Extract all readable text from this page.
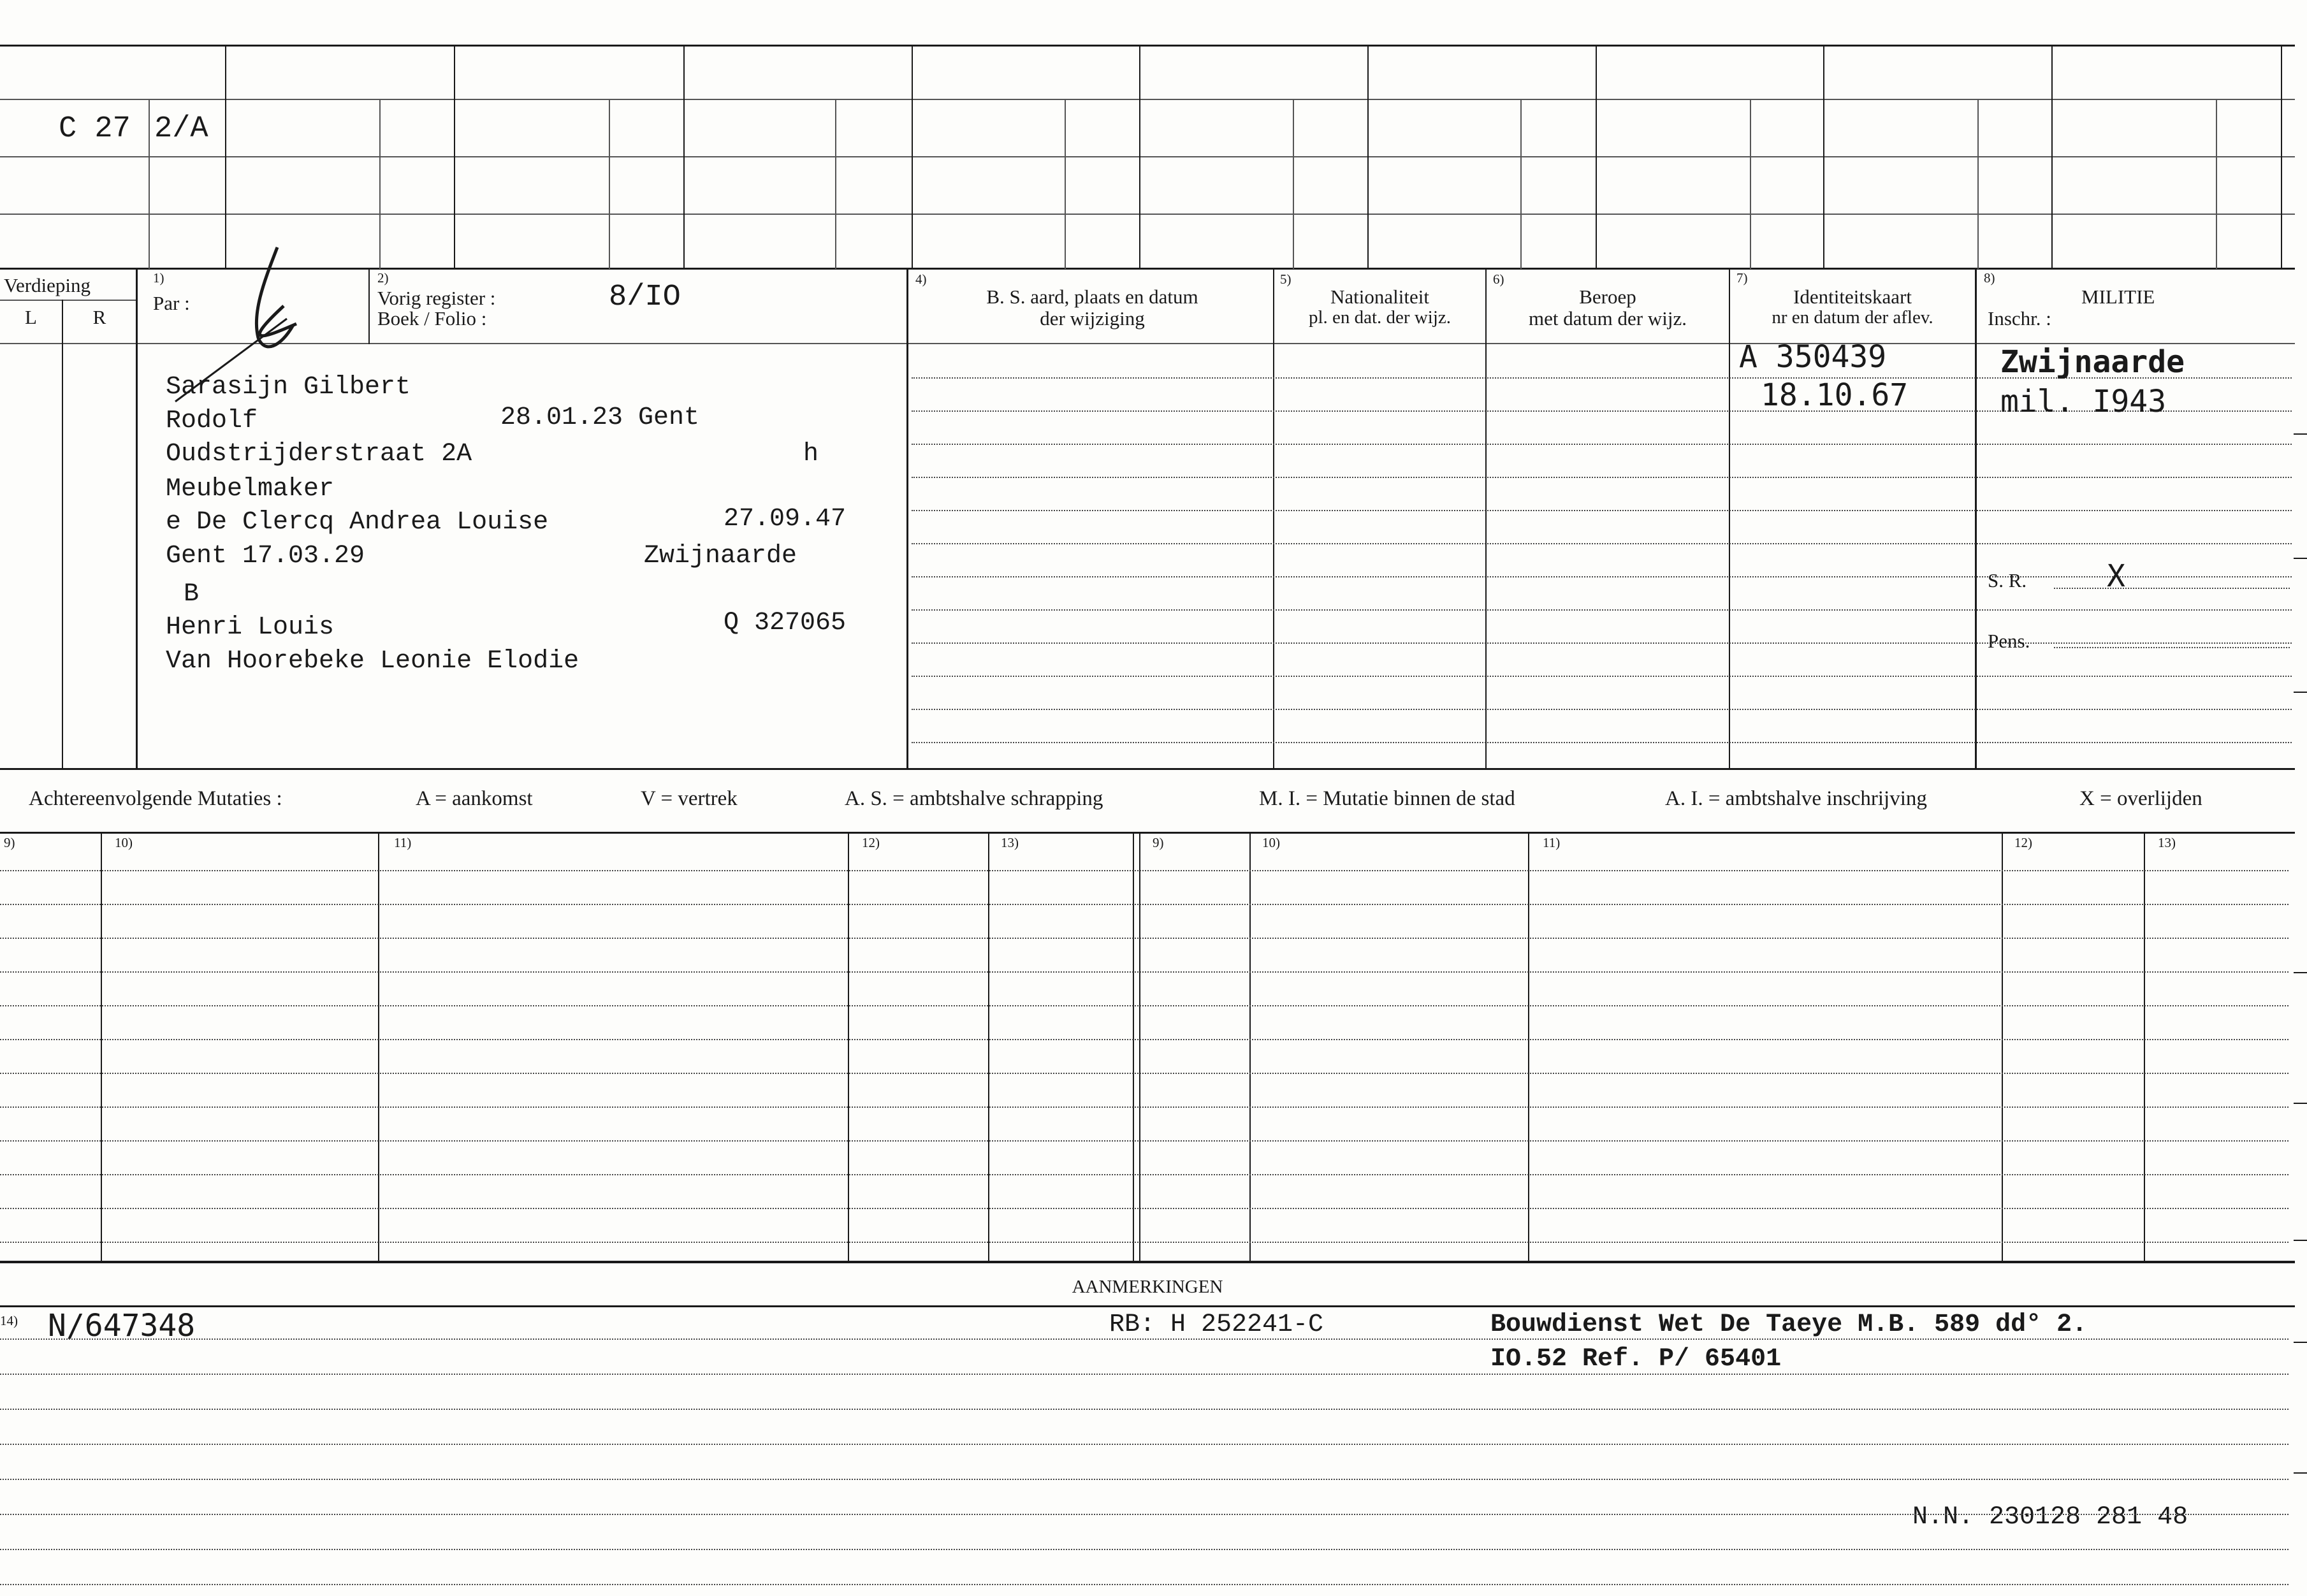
C 27 2/A
Verdieping
L	R
1)
Par :
2)
Vorig register :
Boek / Folio :
8/IO
4)
B. S. aard, plaats en datum
der wijziging
5)
Nationaliteit
pl. en dat. der wijz.
6)
Beroep
met datum der wijz.
7)
Identiteitskaart
nr en datum der aflev.
8)
MILITIE
Inschr. :
Sarasijn Gilbert
Rodolf	28.01.23 Gent
Oudstrijderstraat 2A	h
Meubelmaker
e De Clercq Andrea Louise	27.09.47
Gent 17.03.29	Zwijnaarde
B
Henri Louis	Q 327065
Van Hoorebeke Leonie Elodie
A 350439
18.10.67
Zwijnaarde
mil. I943
S. R.	X
Pens.
Achtereenvolgende Mutaties :	A = aankomst	V = vertrek	A. S. = ambtshalve schrapping	M. I. = Mutatie binnen de stad	A. I. = ambtshalve inschrijving	X = overlijden
9)	10)	11)	12)	13)	9)	10)	11)	12)	13)
AANMERKINGEN
14) N/647348	RB: H 252241-C	Bouwdienst Wet De Taeye M.B. 589 dd° 2.
IO.52 Ref. P/ 65401
N.N. 230128 281 48
